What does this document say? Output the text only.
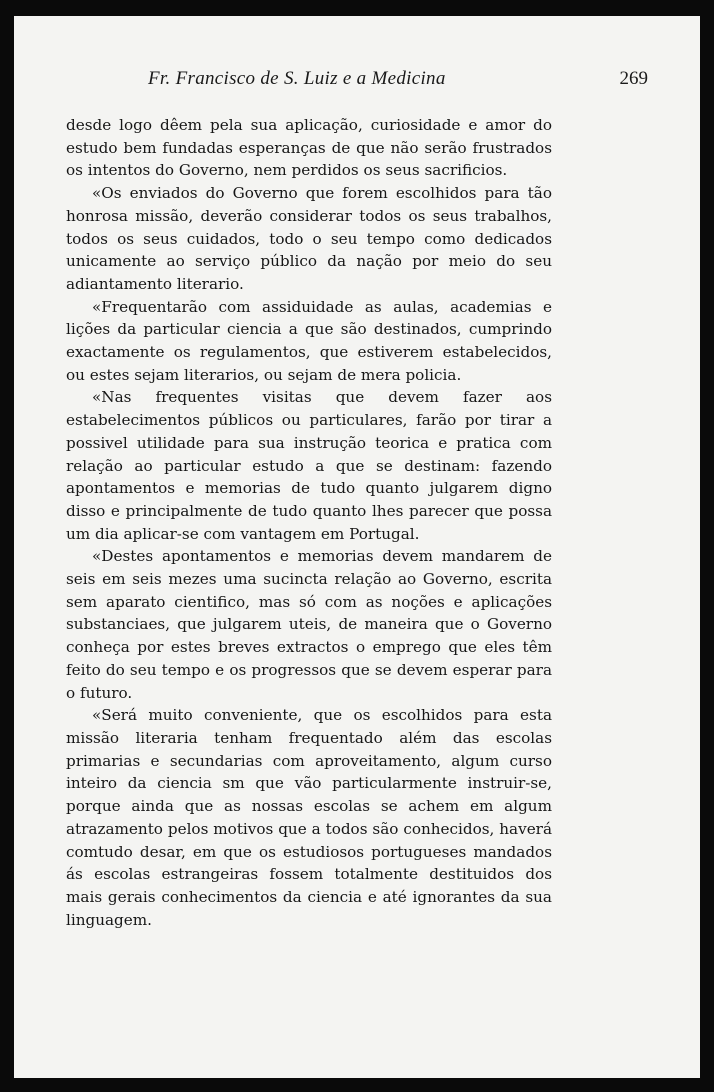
Fr. Francisco de S. Luiz e a Medicina	269

desde logo dêem pela sua aplicação, curiosidade e amor do estudo bem fundadas esperanças de que não serão frustrados os intentos do Governo, nem perdidos os seus sacrificios.

«Os enviados do Governo que forem escolhidos para tão honrosa missão, deverão considerar todos os seus trabalhos, todos os seus cuidados, todo o seu tempo como dedicados unicamente ao serviço público da nação por meio do seu adiantamento literario.

«Frequentarão com assiduidade as aulas, academias e lições da particular ciencia a que são destinados, cumprindo exactamente os regulamentos, que estiverem estabelecidos, ou estes sejam literarios, ou sejam de mera policia.

«Nas frequentes visitas que devem fazer aos estabelecimentos públicos ou particulares, farão por tirar a possivel utilidade para sua instrução teorica e pratica com relação ao particular estudo a que se destinam: fazendo apontamentos e memorias de tudo quanto julgarem digno disso e principalmente de tudo quanto lhes parecer que possa um dia aplicar-se com vantagem em Portugal.

«Destes apontamentos e memorias devem mandarem de seis em seis mezes uma sucincta relação ao Governo, escrita sem aparato cientifico, mas só com as noções e aplicações substanciaes, que julgarem uteis, de maneira que o Governo conheça por estes breves extractos o emprego que eles têm feito do seu tempo e os progressos que se devem esperar para o futuro.

«Será muito conveniente, que os escolhidos para esta missão literaria tenham frequentado além das escolas primarias e secundarias com aproveitamento, algum curso inteiro da ciencia sm que vão particularmente instruir-se, porque ainda que as nossas escolas se achem em algum atrazamento pelos motivos que a todos são conhecidos, haverá comtudo desar, em que os estudiosos portugueses mandados ás escolas estrangeiras fossem totalmente destituidos dos mais gerais conhecimentos da ciencia e até ignorantes da sua linguagem.
